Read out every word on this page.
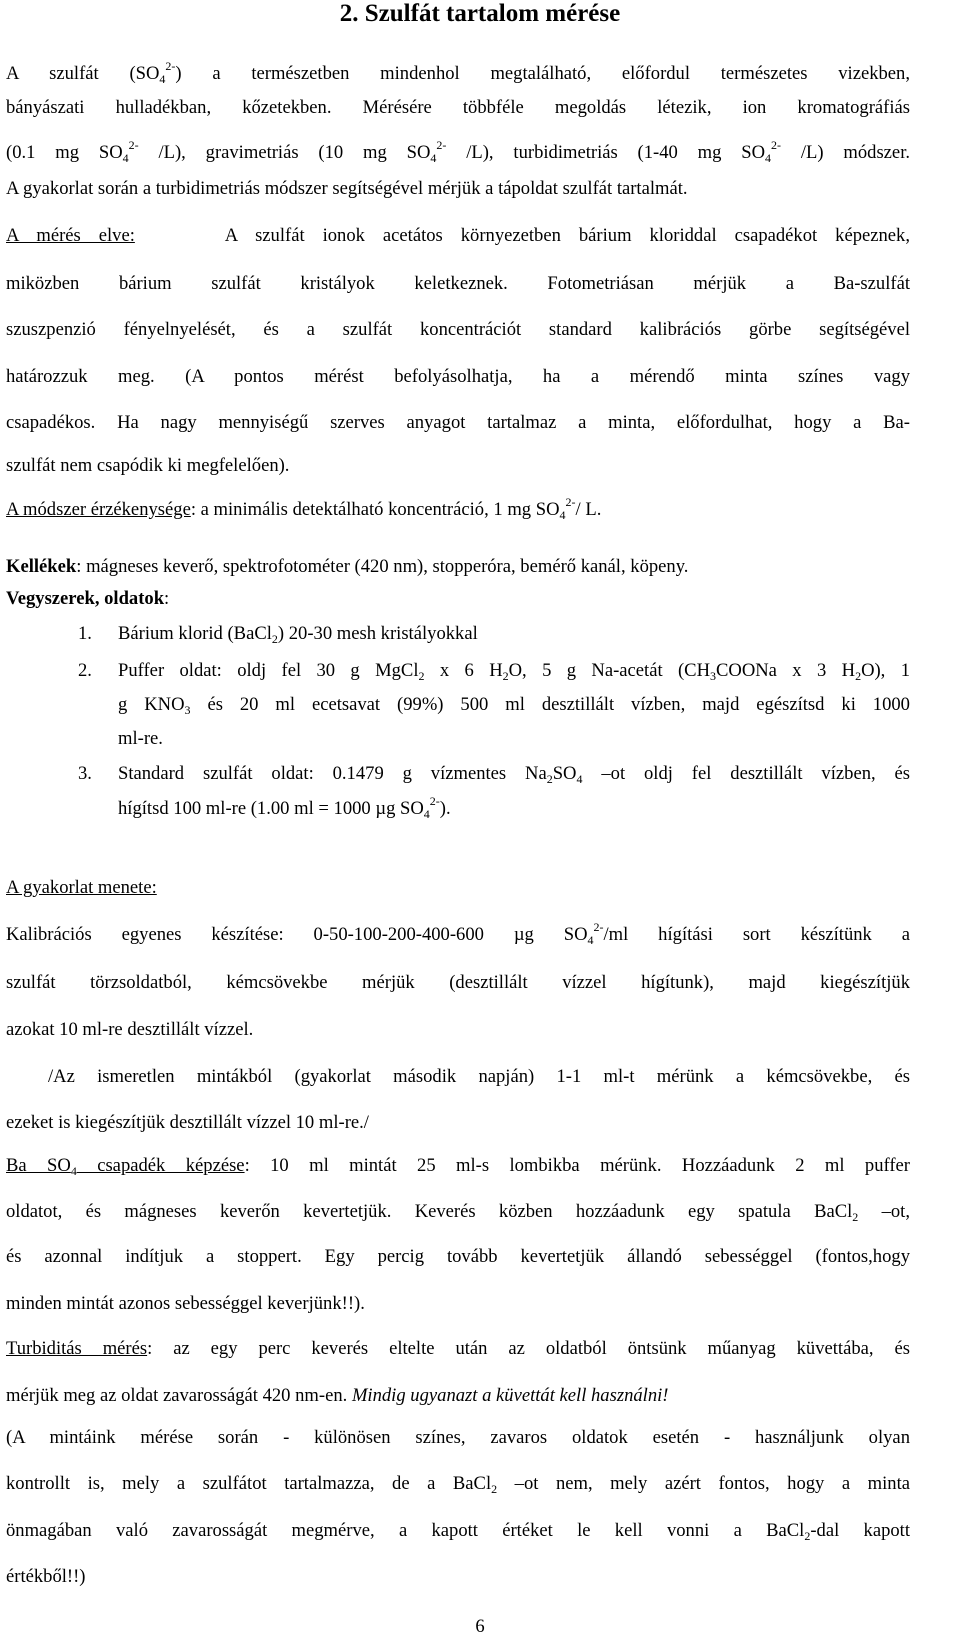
2. Szulfát tartalom mérése
A szulfát $(SO_4^{2-})$ a természetben mindenhol megtalálható, előfordul természetes vizekben,
bányászati hulladékban, kőzetekben. Mérésére többféle megoldás létezik, ion kromatográfiás
(0.1 mg $SO_4^{2-}$ /L), gravimetriás (10 mg $SO_4^{2-}$ /L), turbidimetriás (1-40 mg $SO_4^{2-}$ /L) módszer.
A gyakorlat során a turbidimetriás módszer segítségével mérjük a tápoldat szulfát tartalmát.
A mérés elve:	A szulfát ionok acetátos környezetben bárium kloriddal csapadékot képeznek,
miközben bárium szulfát kristályok keletkeznek. Fotometriásan mérjük a Ba-szulfát
szuszpenzió fényelnyelését, és a szulfát koncentrációt standard kalibrációs görbe segítségével
határozzuk meg. (A pontos mérést befolyásolhatja, ha a mérendő minta színes vagy
csapadékos. Ha nagy mennyiségű szerves anyagot tartalmaz a minta, előfordulhat, hogy a Ba-
szulfát nem csapódik ki megfelelően).
A módszer érzékenysége: a minimális detektálható koncentráció, 1 mg $SO_4^{2-}/$ L.
Kellékek: mágneses keverő, spektrofotométer (420 nm), stopperóra, bemérő kanál, köpeny.
Vegyszerek, oldatok:
1.	Bárium klorid (BaCl$_2$) 20-30 mesh kristályokkal
2.	Puffer oldat: oldj fel 30 g MgCl$_2$ x 6 $H_2O$, 5 g Na-acetát ($CH_3COONa$ x 3 $H_2O$), 1
g $KNO_3$ és 20 ml ecetsavat (99%) 500 ml desztillált vízben, majd egészítsd ki 1000
ml-re.
3.	Standard szulfát oldat: 0.1479 g vízmentes $Na_2SO_4$ –ot oldj fel desztillált vízben, és
hígítsd 100 ml-re (1.00 ml = 1000 µg $SO_4^{2-}$).
A gyakorlat menete:
Kalibrációs egyenes készítése: 0-50-100-200-400-600 µg $SO_4^{2-}/ml$ hígítási sort készítünk a
szulfát törzsoldatból, kémcsövekbe mérjük (desztillált vízzel hígítunk), majd kiegészítjük
azokat 10 ml-re desztillált vízzel.
/Az ismeretlen mintákból (gyakorlat második napján) 1-1 ml-t mérünk a kémcsövekbe, és
ezeket is kiegészítjük desztillált vízzel 10 ml-re./
Ba $SO_4$ csapadék képzése: 10 ml mintát 25 ml-s lombikba mérünk. Hozzáadunk 2 ml puffer
oldatot, és mágneses keverőn kevertetjük. Keverés közben hozzáadunk egy spatula BaCl$_2$ –ot,
és azonnal indítjuk a stoppert. Egy percig tovább kevertetjük állandó sebességgel (fontos,hogy
minden mintát azonos sebességgel keverjünk!!).
Turbiditás mérés: az egy perc keverés eltelte után az oldatból öntsünk műanyag küvettába, és
mérjük meg az oldat zavarosságát 420 nm-en. Mindig ugyanazt a küvettát kell használni!
(A mintáink mérése során - különösen színes, zavaros oldatok esetén - használjunk olyan
kontrollt is, mely a szulfátot tartalmazza, de a BaCl$_2$ –ot nem, mely azért fontos, hogy a minta
önmagában való zavarosságát megmérve, a kapott értéket le kell vonni a BaCl$_2$-dal kapott
értékből!!)
6
